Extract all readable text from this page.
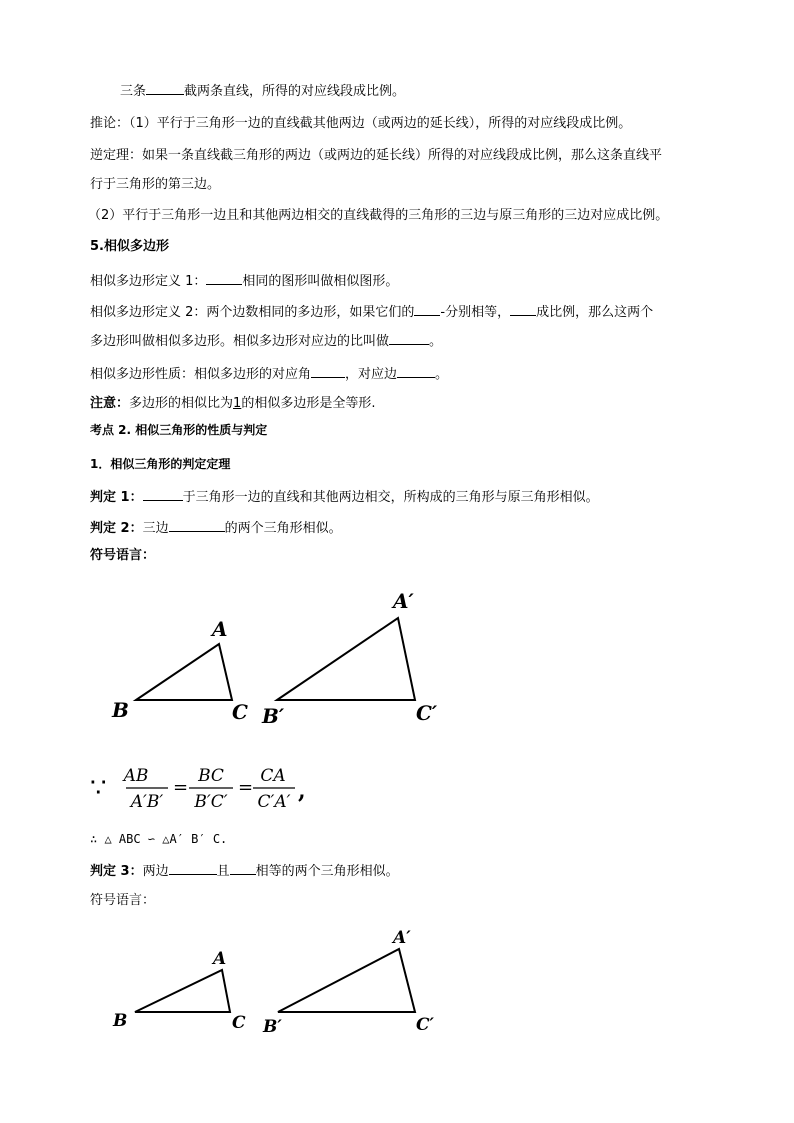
三条	截两条直线，所得的对应线段成比例。
推论：（1）平行于三角形一边的直线截其他两边（或两边的延长线），所得的对应线段成比例。
逆定理：如果一条直线截三角形的两边（或两边的延长线）所得的对应线段成比例，那么这条直线平
行于三角形的第三边。
（2）平行于三角形一边且和其他两边相交的直线截得的三角形的三边与原三角形的三边对应成比例。
5.相似多边形
相似多边形定义 1：	相同的图形叫做相似图形。
相似多边形定义 2：两个边数相同的多边形，如果它们的 -分别相等， 成比例，那么这两个
多边形叫做相似多边形。相似多边形对应边的比叫做	。
相似多边形性质：相似多边形的对应角	，对应边	。
注意：多边形的相似比为1的相似多边形是全等形.
考点 2. 相似三角形的性质与判定
1．相似三角形的判定定理
判定 1：	于三角形一边的直线和其他两边相交，所构成的三角形与原三角形相似。
判定 2：三边	的两个三角形相似。
符号语言：
A
B	C
A′
B′	C′
∵ AB
A′B′
=
BC
B′C′
=
CA
C′A′ ,
∴ △ ABC ∽ △A′ B′ C.
判定 3：两边	且 相等的两个三角形相似。
符号语言：
A
B	C
A′
B′	C′
